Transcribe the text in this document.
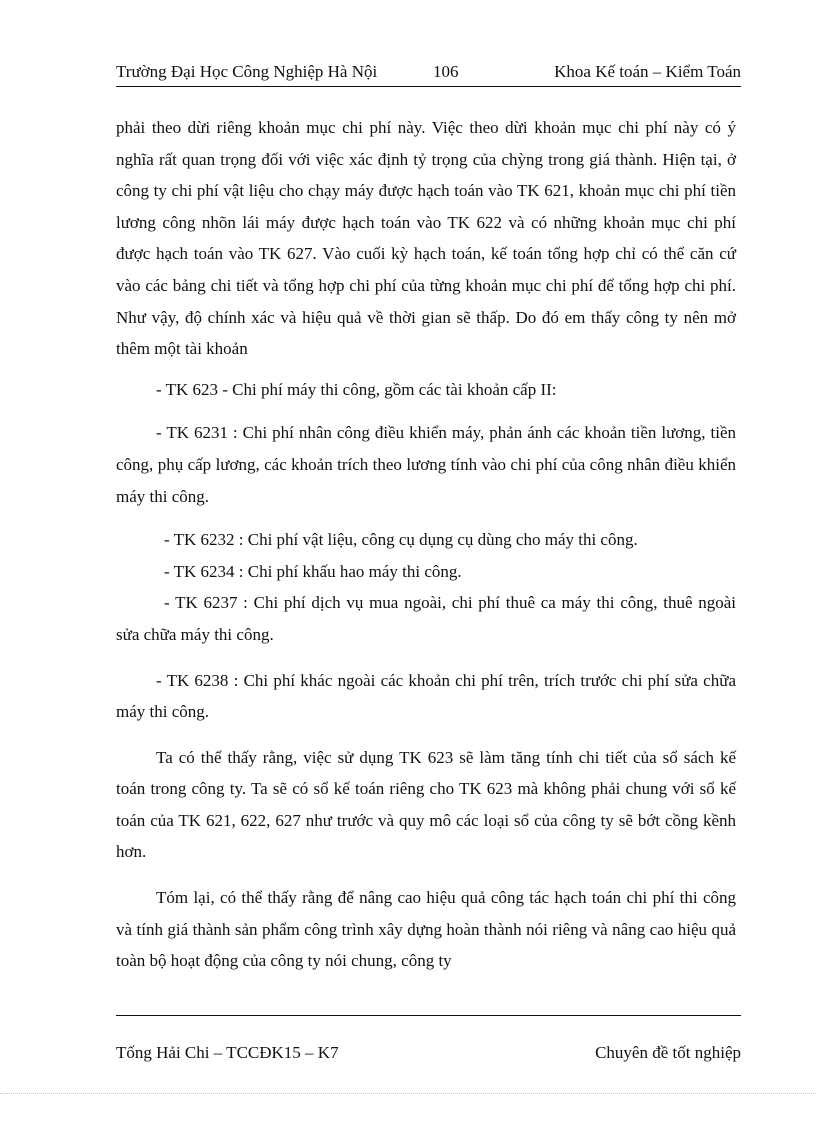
Trường Đại Học Công Nghiệp Hà Nội	106	Khoa Kế toán – Kiểm Toán

phải theo dừi riêng khoản mục chi phí này. Việc theo dừi khoản mục chi phí này có ý nghĩa rất quan trọng đối với việc xác định tỷ trọng của chỳng trong giá thành. Hiện tại, ở công ty chi phí vật liệu cho chạy máy được hạch toán vào TK 621, khoản mục chi phí tiền lương công nhõn lái máy được hạch toán vào TK 622 và có những khoản mục chi phí được hạch toán vào TK 627. Vào cuối kỳ hạch toán, kế toán tổng hợp chỉ có thể căn cứ vào các bảng chi tiết và tổng hợp chi phí của từng khoản mục chi phí để tổng hợp chi phí. Như vậy, độ chính xác và hiệu quả về thời gian sẽ thấp. Do đó em thấy công ty nên mở thêm một tài khoản

- TK 623 - Chi phí máy thi công, gồm các tài khoản cấp II:

- TK 6231 : Chi phí nhân công điều khiển máy, phản ánh các khoản tiền lương, tiền công, phụ cấp lương, các khoản trích theo lương tính vào chi phí của công nhân điều khiển máy thi công.

- TK 6232 : Chi phí vật liệu, công cụ dụng cụ dùng cho máy thi công.

- TK 6234 : Chi phí khấu hao máy thi công.

- TK 6237 : Chi phí dịch vụ mua ngoài, chi phí thuê ca máy thi công, thuê ngoài sửa chữa máy thi công.

- TK 6238 : Chi phí khác ngoài các khoản chi phí trên, trích trước chi phí sửa chữa máy thi công.

Ta có thể thấy rằng, việc sử dụng TK 623 sẽ làm tăng tính chi tiết của sổ sách kế toán trong công ty. Ta sẽ có sổ kế toán riêng cho TK 623 mà không phải chung với sổ kế toán của TK 621, 622, 627 như trước và quy mô các loại sổ của công ty sẽ bớt cồng kềnh hơn.

Tóm lại, có thể thấy rằng để nâng cao hiệu quả công tác hạch toán chi phí thi công và tính giá thành sản phẩm công trình xây dựng hoàn thành nói riêng và nâng cao hiệu quả toàn bộ hoạt động của công ty nói chung, công ty

Tống Hải Chi – TCCĐK15 – K7	Chuyên đề tốt nghiệp
